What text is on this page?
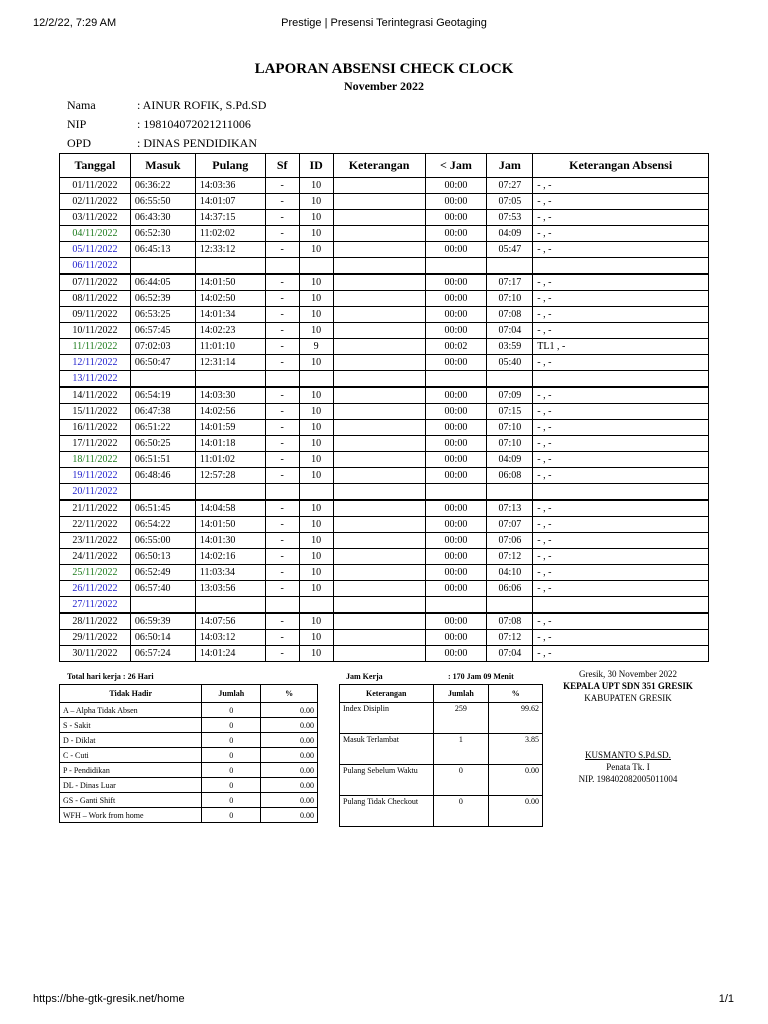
12/2/22, 7:29 AM	Prestige | Presensi Terintegrasi Geotaging
https://bhe-gtk-gresik.net/home	1/1
LAPORAN ABSENSI CHECK CLOCK
November 2022
Nama	: AINUR ROFIK, S.Pd.SD
NIP	: 198104072021211006
OPD	: DINAS PENDIDIKAN
Tanggal	Masuk	Pulang	Sf	ID	Keterangan	< Jam	Jam	Keterangan Absensi
01/11/2022	06:36:22	14:03:36	-	10		00:00	07:27	- , -
02/11/2022	06:55:50	14:01:07	-	10		00:00	07:05	- , -
03/11/2022	06:43:30	14:37:15	-	10		00:00	07:53	- , -
04/11/2022	06:52:30	11:02:02	-	10		00:00	04:09	- , -
05/11/2022	06:45:13	12:33:12	-	10		00:00	05:47	- , -
06/11/2022								
07/11/2022	06:44:05	14:01:50	-	10		00:00	07:17	- , -
08/11/2022	06:52:39	14:02:50	-	10		00:00	07:10	- , -
09/11/2022	06:53:25	14:01:34	-	10		00:00	07:08	- , -
10/11/2022	06:57:45	14:02:23	-	10		00:00	07:04	- , -
11/11/2022	07:02:03	11:01:10	-	9		00:02	03:59	TL1 , -
12/11/2022	06:50:47	12:31:14	-	10		00:00	05:40	- , -
13/11/2022								
14/11/2022	06:54:19	14:03:30	-	10		00:00	07:09	- , -
15/11/2022	06:47:38	14:02:56	-	10		00:00	07:15	- , -
16/11/2022	06:51:22	14:01:59	-	10		00:00	07:10	- , -
17/11/2022	06:50:25	14:01:18	-	10		00:00	07:10	- , -
18/11/2022	06:51:51	11:01:02	-	10		00:00	04:09	- , -
19/11/2022	06:48:46	12:57:28	-	10		00:00	06:08	- , -
20/11/2022								
21/11/2022	06:51:45	14:04:58	-	10		00:00	07:13	- , -
22/11/2022	06:54:22	14:01:50	-	10		00:00	07:07	- , -
23/11/2022	06:55:00	14:01:30	-	10		00:00	07:06	- , -
24/11/2022	06:50:13	14:02:16	-	10		00:00	07:12	- , -
25/11/2022	06:52:49	11:03:34	-	10		00:00	04:10	- , -
26/11/2022	06:57:40	13:03:56	-	10		00:00	06:06	- , -
27/11/2022								
28/11/2022	06:59:39	14:07:56	-	10		00:00	07:08	- , -
29/11/2022	06:50:14	14:03:12	-	10		00:00	07:12	- , -
30/11/2022	06:57:24	14:01:24	-	10		00:00	07:04	- , -
Total hari kerja : 26 Hari	Jam Kerja	: 170 Jam 09 Menit
Tidak Hadir	Jumlah	%
A – Alpha Tidak Absen	0	0.00
S - Sakit	0	0.00
D - Diklat	0	0.00
C - Cuti	0	0.00
P - Pendidikan	0	0.00
DL - Dinas Luar	0	0.00
GS - Ganti Shift	0	0.00
WFH – Work from home	0	0.00
Keterangan	Jumlah	%
Index Disiplin	259	99.62
Masuk Terlambat	1	3.85
Pulang Sebelum Waktu	0	0.00
Pulang Tidak Checkout	0	0.00
Gresik, 30 November 2022
KEPALA UPT SDN 351 GRESIK
KABUPATEN GRESIK
KUSMANTO S.Pd.SD.
Penata Tk. I
NIP. 198402082005011004
